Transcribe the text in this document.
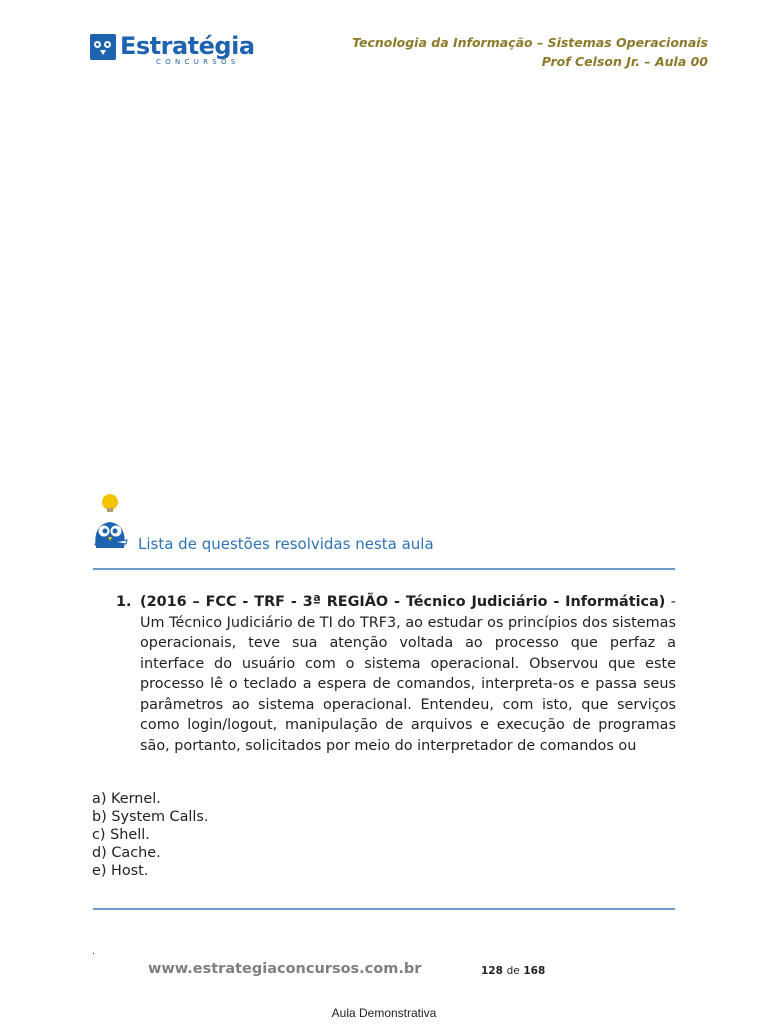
Estratégia
CONCURSOS
Tecnologia da Informação – Sistemas Operacionais
Prof Celson Jr. – Aula 00
Lista de questões resolvidas nesta aula
1. (2016 – FCC - TRF - 3ª REGIÃO - Técnico Judiciário - Informática) - Um Técnico Judiciário de TI do TRF3, ao estudar os princípios dos sistemas operacionais, teve sua atenção voltada ao processo que perfaz a interface do usuário com o sistema operacional. Observou que este processo lê o teclado a espera de comandos, interpreta-os e passa seus parâmetros ao sistema operacional. Entendeu, com isto, que serviços como login/logout, manipulação de arquivos e execução de programas são, portanto, solicitados por meio do interpretador de comandos ou
a) Kernel.
b) System Calls.
c) Shell.
d) Cache.
e) Host.
.
www.estrategiaconcursos.com.br	128 de 168
Aula Demonstrativa
